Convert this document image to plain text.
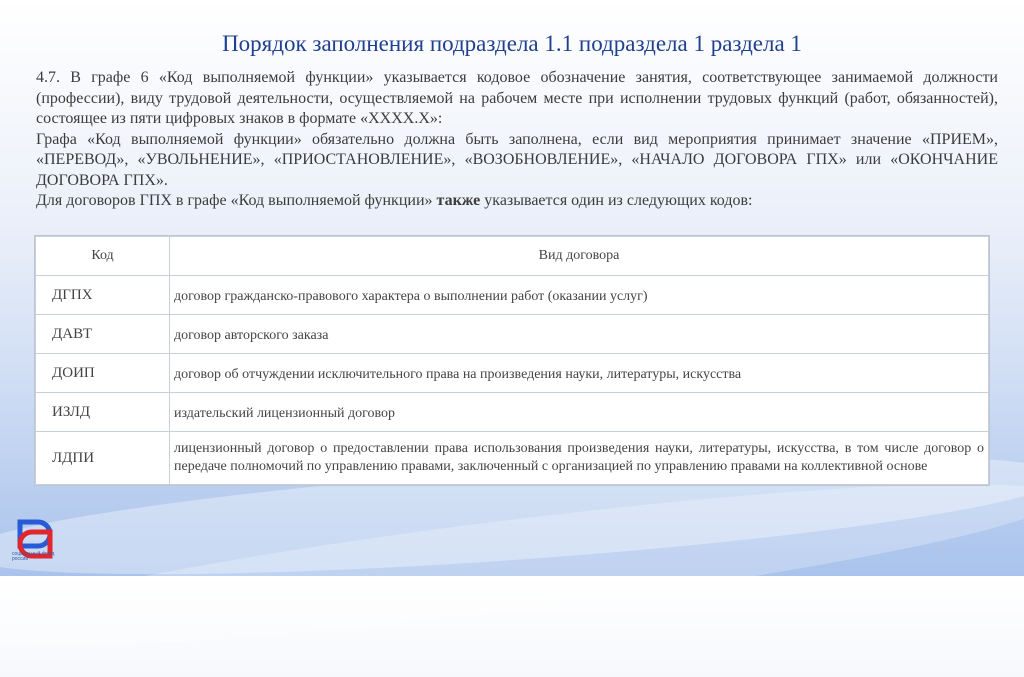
Порядок заполнения подраздела 1.1 подраздела 1 раздела 1

4.7. В графе 6 «Код выполняемой функции» указывается кодовое обозначение занятия, соответствующее занимаемой должности (профессии), виду трудовой деятельности, осуществляемой на рабочем месте при исполнении трудовых функций (работ, обязанностей), состоящее из пяти цифровых знаков в формате «XXXX.X»:

Графа «Код выполняемой функции» обязательно должна быть заполнена, если вид мероприятия принимает значение «ПРИЕМ», «ПЕРЕВОД», «УВОЛЬНЕНИЕ», «ПРИОСТАНОВЛЕНИЕ», «ВОЗОБНОВЛЕНИЕ», «НАЧАЛО ДОГОВОРА ГПХ» или «ОКОНЧАНИЕ ДОГОВОРА ГПХ».

Для договоров ГПХ в графе «Код выполняемой функции» также указывается один из следующих кодов:

Код	Вид договора
ДГПХ	договор гражданско-правового характера о выполнении работ (оказании услуг)
ДАВТ	договор авторского заказа
ДОИП	договор об отчуждении исключительного права на произведения науки, литературы, искусства
ИЗЛД	издательский лицензионный договор
ЛДПИ	лицензионный договор о предоставлении права использования произведения науки, литературы, искусства, в том числе договор о передаче полномочий по управлению правами, заключенный с организацией по управлению правами на коллективной основе
социальный фонд россии
14
